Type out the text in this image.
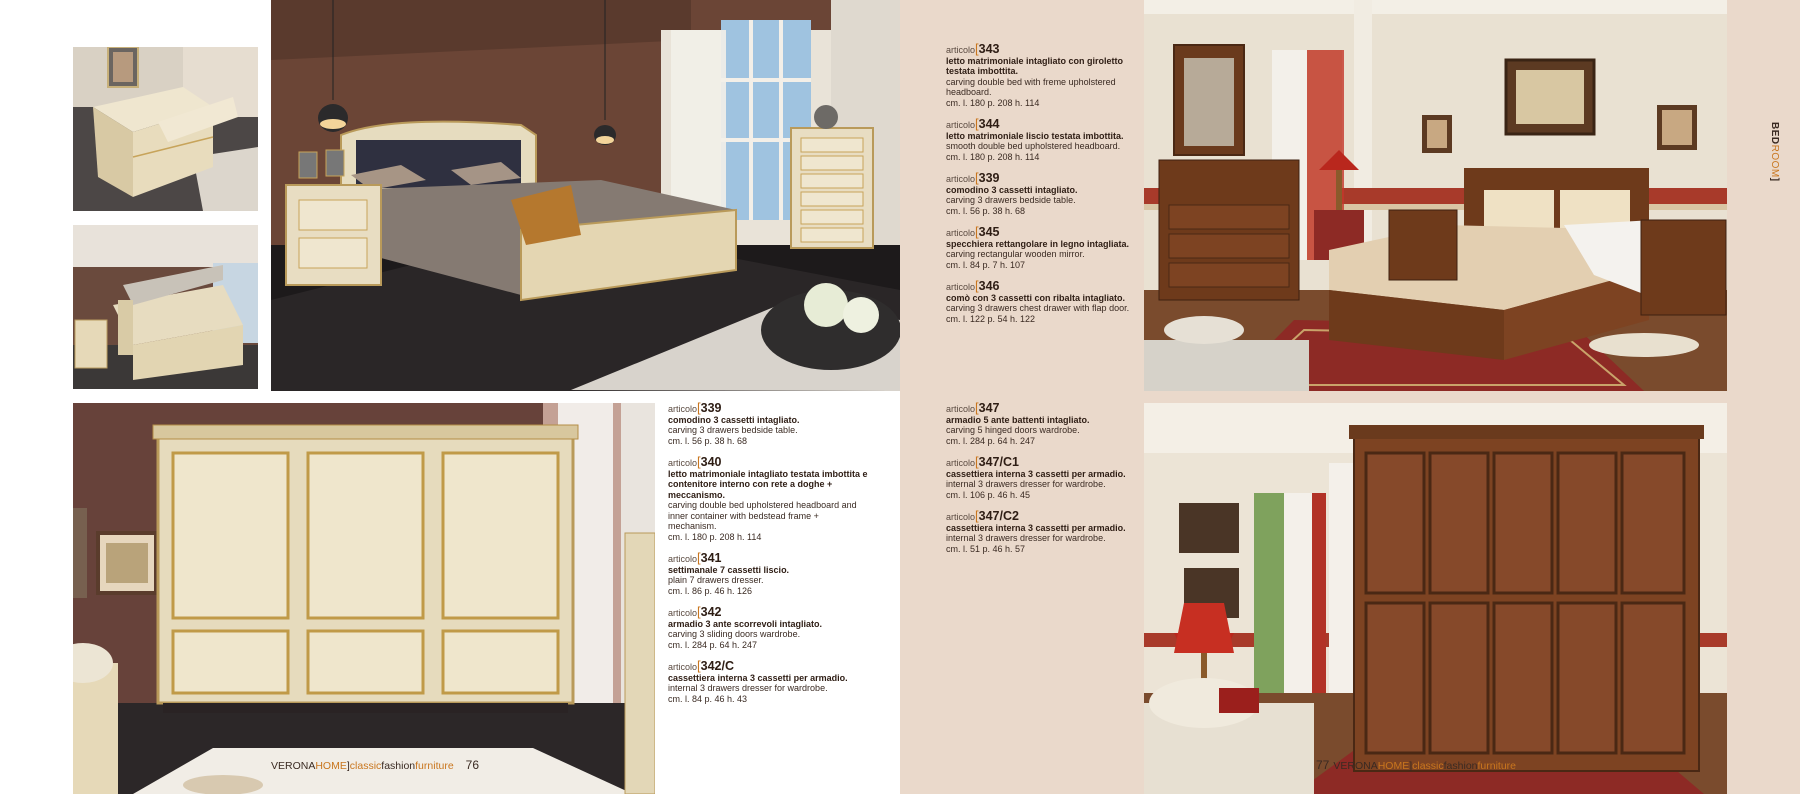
articolo[339
comodino 3 cassetti intagliato.
carving 3 drawers bedside table.
cm. l. 56 p. 38 h. 68
articolo[340
letto matrimoniale intagliato testata imbottita e contenitore interno con rete a doghe + meccanismo.
carving double bed upholstered headboard and inner container with bedstead frame + mechanism.
cm. l. 180 p. 208 h. 114
articolo[341
settimanale 7 cassetti liscio.
plain 7 drawers dresser.
cm. l. 86 p. 46 h. 126
articolo[342
armadio 3 ante scorrevoli intagliato.
carving 3 sliding doors wardrobe.
cm. l. 284 p. 64 h. 247
articolo[342/C
cassettiera interna 3 cassetti per armadio.
internal 3 drawers dresser for wardrobe.
cm. l. 84 p. 46 h. 43
VERONAHOME]classicfashionfurniture 76
articolo[343
letto matrimoniale intagliato con giroletto testata imbottita.
carving double bed with freme upholstered headboard.
cm. l. 180 p. 208 h. 114
articolo[344
letto matrimoniale liscio testata imbottita.
smooth double bed upholstered headboard.
cm. l. 180 p. 208 h. 114
articolo[339
comodino 3 cassetti intagliato.
carving 3 drawers bedside table.
cm. l. 56 p. 38 h. 68
articolo[345
specchiera rettangolare in legno intagliata.
carving rectangular wooden mirror.
cm. l. 84 p. 7 h. 107
articolo[346
comò con 3 cassetti con ribalta intagliato.
carving 3 drawers chest drawer with flap door.
cm. l. 122 p. 54 h. 122
articolo[347
armadio 5 ante battenti intagliato.
carving 5 hinged doors wardrobe.
cm. l. 284 p. 64 h. 247
articolo[347/C1
cassettiera interna 3 cassetti per armadio.
internal 3 drawers dresser for wardrobe.
cm. l. 106 p. 46 h. 45
articolo[347/C2
cassettiera interna 3 cassetti per armadio.
internal 3 drawers dresser for wardrobe.
cm. l. 51 p. 46 h. 57
77 VERONAHOME]classicfashionfurniture
BEDROOM]
